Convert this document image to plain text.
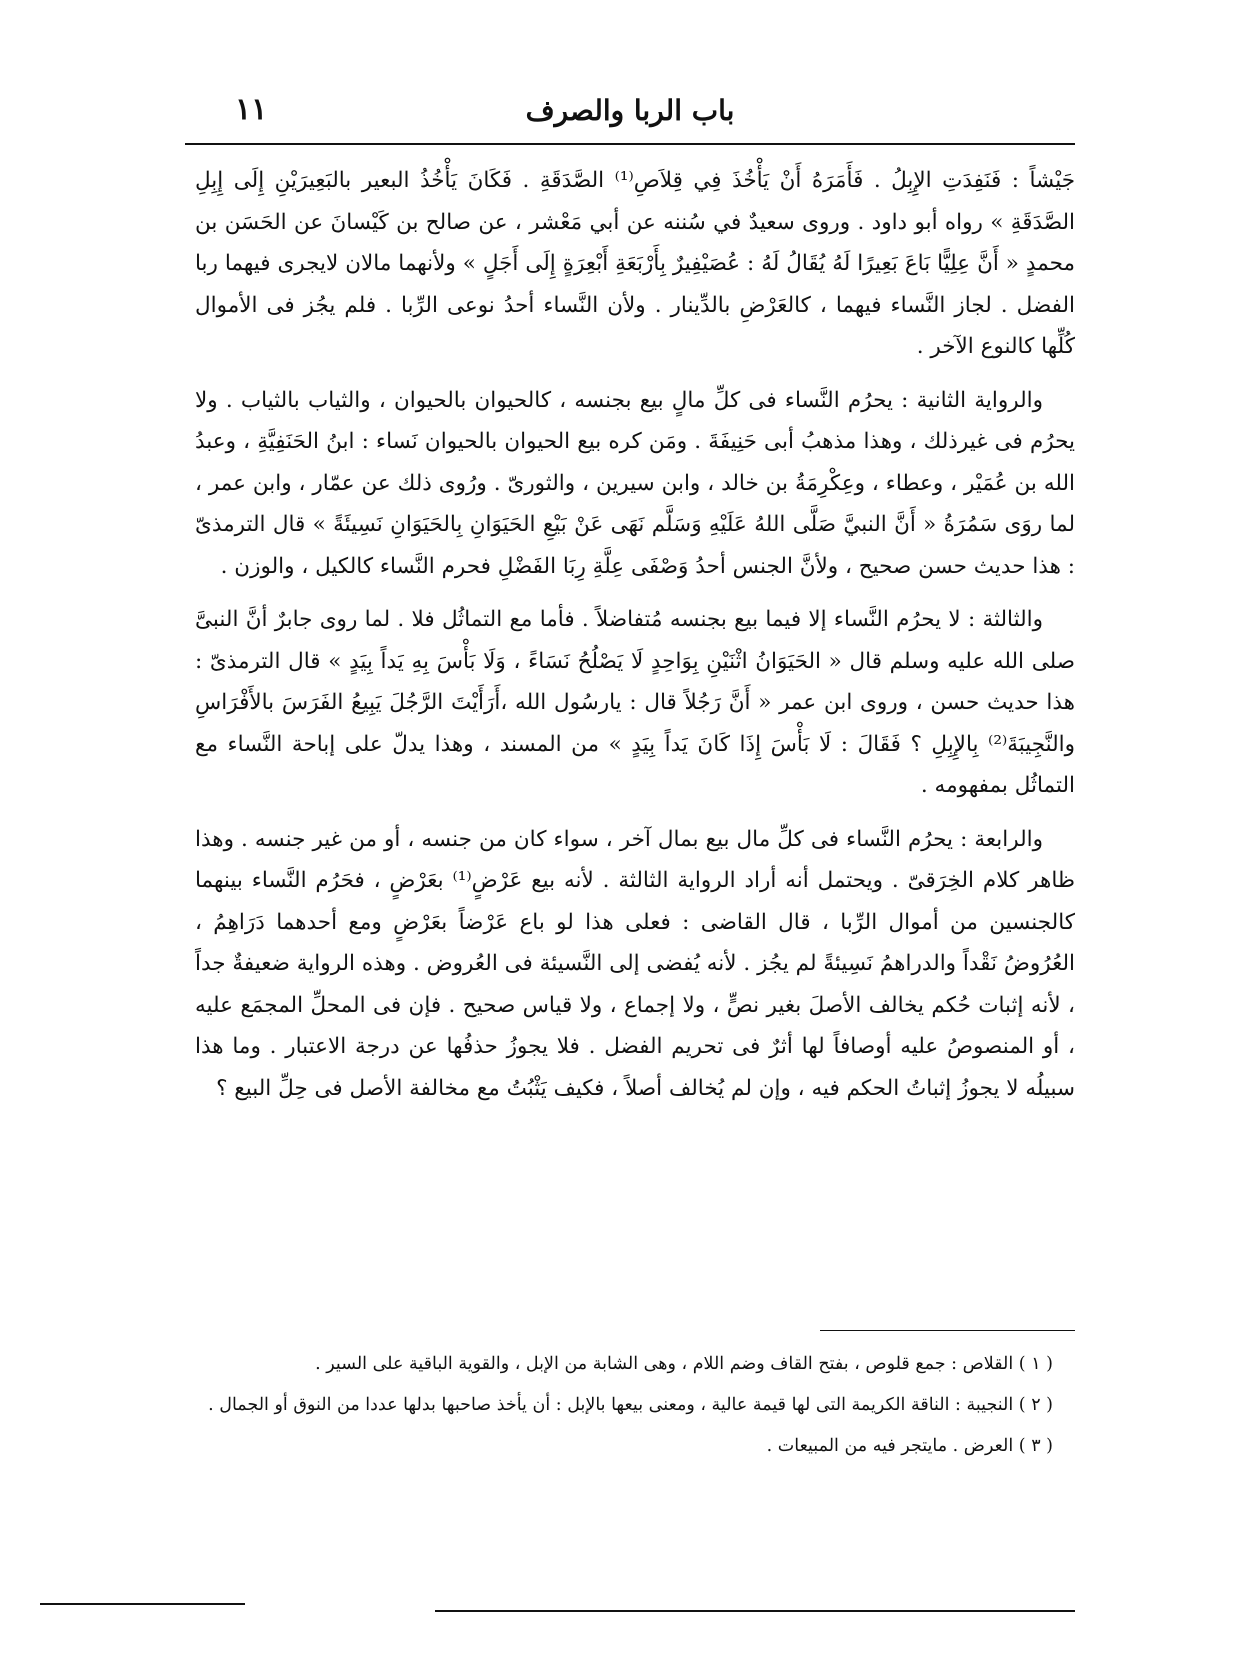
١١	باب الربا والصرف

جَيْشاً : فَنَفِدَتِ الإِبِلُ . فَأَمَرَهُ أَنْ يَأْخُذَ فِي قِلاَصِ⁽¹⁾ الصَّدَقَةِ . فَكَانَ يَأْخُذُ البعير بالبَعِيرَيْنِ إِلَى إِبِلِ الصَّدَقَةِ » رواه أبو داود . وروى سعيدٌ في سُننه عن أبي مَعْشر ، عن صالح بن كَيْسانَ عن الحَسَن بن محمدٍ « أَنَّ عِلِيًّا بَاعَ بَعِيرًا لَهُ يُقَالُ لَهُ : عُصَيْفِيرٌ بِأَرْبَعَةِ أَبْعِرَةٍ إِلَى أَجَلٍ » ولأنهما مالان لايجرى فيهما ربا الفضل . لجاز النَّساء فيهما ، كالعَرْضِ بالدِّينار . ولأن النَّساء أحدُ نوعى الرِّبا . فلم يجُز فى الأموال كُلِّها كالنوع الآخر .

والرواية الثانية : يحرُم النَّساء فى كلِّ مالٍ بيع بجنسه ، كالحيوان بالحيوان ، والثياب بالثياب . ولا يحرُم فى غيرذلك ، وهذا مذهبُ أبى حَنِيفَةَ . ومَن كره بيع الحيوان بالحيوان نَساء : ابنُ الحَنَفِيَّةِ ، وعبدُ الله بن عُمَيْر ، وعطاء ، وعِكْرِمَةُ بن خالد ، وابن سيرين ، والثورىّ . ورُوى ذلك عن عمّار ، وابن عمر ، لما روَى سَمُرَةُ « أَنَّ النبيَّ صَلَّى اللهُ عَلَيْهِ وَسَلَّم نَهَى عَنْ بَيْعِ الحَيَوَانِ بِالحَيَوَانِ نَسِيئَةً » قال الترمذىّ : هذا حديث حسن صحيح ، ولأنَّ الجنس أحدُ وَصْفَى عِلَّةِ رِبَا الفَضْلِ فحرم النَّساء كالكيل ، والوزن .

والثالثة : لا يحرُم النَّساء إلا فيما بيع بجنسه مُتفاضلاً . فأما مع التماثُل فلا . لما روى جابرٌ أنَّ النبىَّ صلى الله عليه وسلم قال « الحَيَوَانُ اثْنَيْنِ بِوَاحِدٍ لَا يَصْلُحُ نَسَاءً ، وَلَا بَأْسَ بِهِ يَداً بِيَدٍ » قال الترمذىّ : هذا حديث حسن ، وروى ابن عمر « أَنَّ رَجُلاً قال : يارسُول الله ،أَرَأَيْتَ الرَّجُلَ يَبِيعُ الفَرَسَ بالأَفْرَاسِ والنَّجِيبَةَ⁽²⁾ بِالإِبِلِ ؟ فَقَالَ : لَا بَأْسَ إِذَا كَانَ يَداً بِيَدٍ » من المسند ، وهذا يدلّ على إباحة النَّساء مع التماثُل بمفهومه .

والرابعة : يحرُم النَّساء فى كلِّ مال بيع بمال آخر ، سواء كان من جنسه ، أو من غير جنسه . وهذا ظاهر كلام الخِرَقىّ . ويحتمل أنه أراد الرواية الثالثة . لأنه بيع عَرْضٍ⁽¹⁾ بعَرْضٍ ، فحَرُم النَّساء بينهما كالجنسين من أموال الرِّبا ، قال القاضى : فعلى هذا لو باع عَرْضاً بعَرْضٍ ومع أحدهما دَرَاهِمُ ، العُرُوضُ نَقْداً والدراهمُ نَسِيئةً لم يجُز . لأنه يُفضى إلى النَّسيئة فى العُروض . وهذه الرواية ضعيفةٌ جداً ، لأنه إثبات حُكم يخالف الأصلَ بغير نصٍّ ، ولا إجماع ، ولا قياس صحيح . فإن فى المحلِّ المجمَع عليه ، أو المنصوصُ عليه أوصافاً لها أثرٌ فى تحريم الفضل . فلا يجوزُ حذفُها عن درجة الاعتبار . وما هذا سبيلُه لا يجوزُ إثباتُ الحكم فيه ، وإن لم يُخالف أصلاً ، فكيف يَثْبُتُ مع مخالفة الأصل فى حِلِّ البيع ؟

( ١ ) القلاص : جمع قلوص ، بفتح القاف وضم اللام ، وهى الشابة من الإبل ، والقوية الباقية على السير .

( ٢ ) النجيبة : الناقة الكريمة التى لها قيمة عالية ، ومعنى بيعها بالإبل : أن يأخذ صاحبها بدلها عددا من النوق أو الجمال .

( ٣ ) العرض . مايتجر فيه من المبيعات .
